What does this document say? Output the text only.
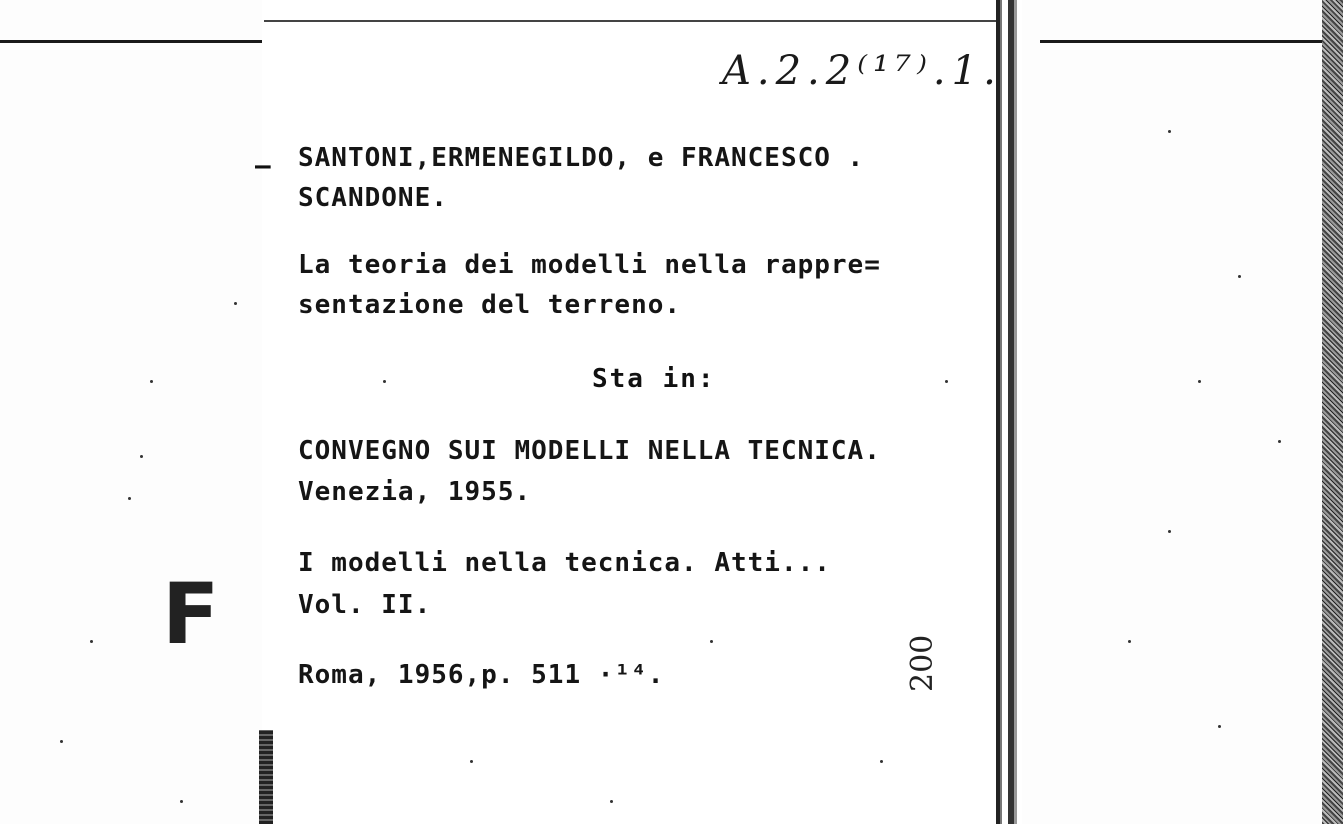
A.2.2⁽¹⁷⁾.1.
– SANTONI,ERMENEGILDO, e FRANCESCO .
SCANDONE.
La teoria dei modelli nella rappre=
sentazione del terreno.
Sta in:
CONVEGNO SUI MODELLI NELLA TECNICA.
Venezia, 1955.
I modelli nella tecnica. Atti...
Vol. II.
Roma, 1956,p. 511 ·¹⁴.	200
F
